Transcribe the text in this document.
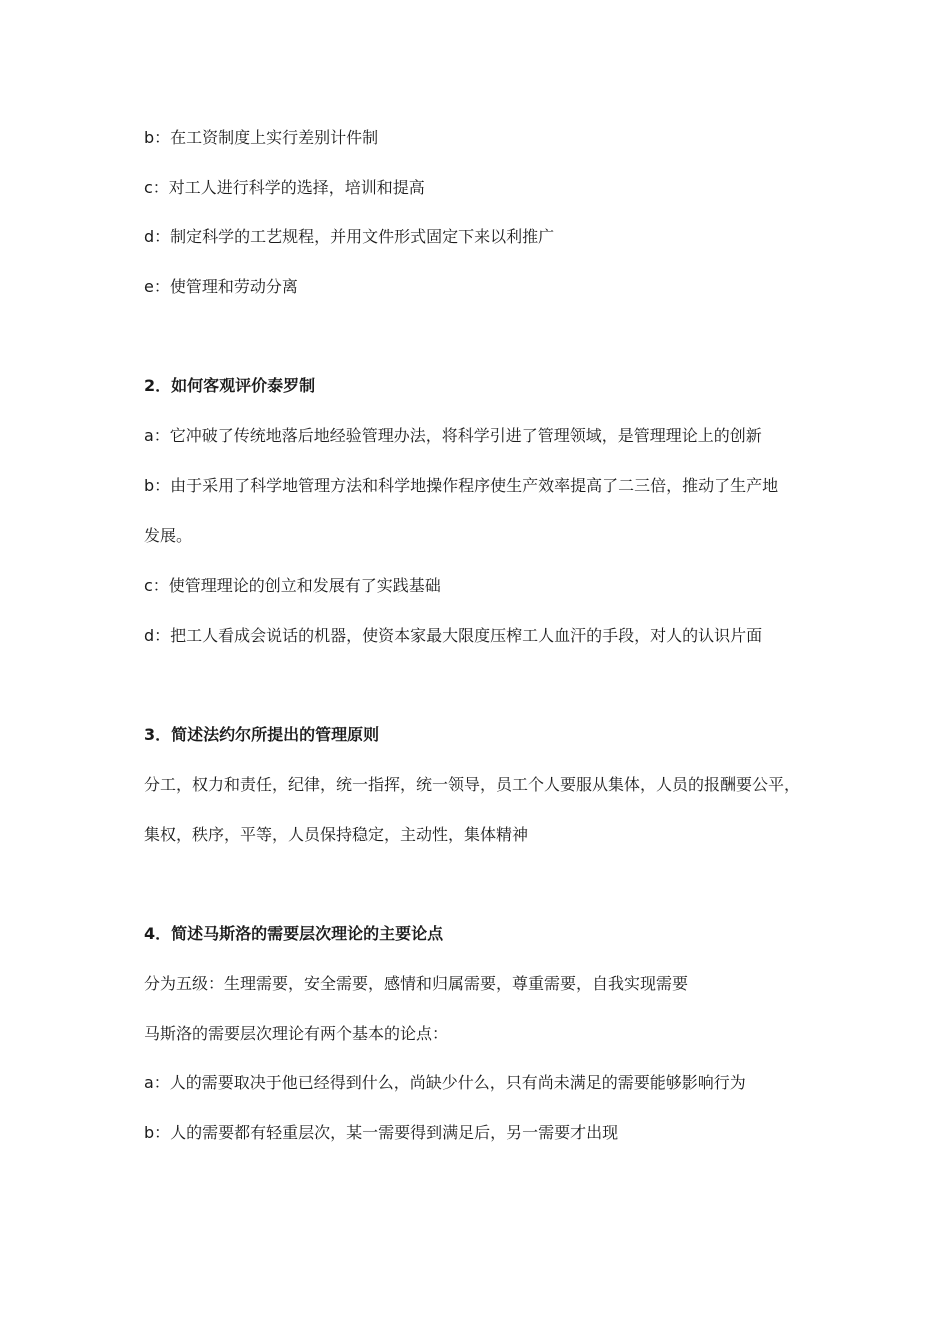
b：在工资制度上实行差别计件制
c：对工人进行科学的选择，培训和提高
d：制定科学的工艺规程，并用文件形式固定下来以利推广
e：使管理和劳动分离
2．如何客观评价泰罗制
a：它冲破了传统地落后地经验管理办法，将科学引进了管理领域，是管理理论上的创新
b：由于采用了科学地管理方法和科学地操作程序使生产效率提高了二三倍，推动了生产地
发展。
c：使管理理论的创立和发展有了实践基础
d：把工人看成会说话的机器，使资本家最大限度压榨工人血汗的手段，对人的认识片面
3．简述法约尔所提出的管理原则
分工，权力和责任，纪律，统一指挥，统一领导，员工个人要服从集体，人员的报酬要公平，
集权，秩序，平等，人员保持稳定，主动性，集体精神
4．简述马斯洛的需要层次理论的主要论点
分为五级：生理需要，安全需要，感情和归属需要，尊重需要，自我实现需要
马斯洛的需要层次理论有两个基本的论点：
a：人的需要取决于他已经得到什么，尚缺少什么，只有尚未满足的需要能够影响行为
b：人的需要都有轻重层次，某一需要得到满足后，另一需要才出现
